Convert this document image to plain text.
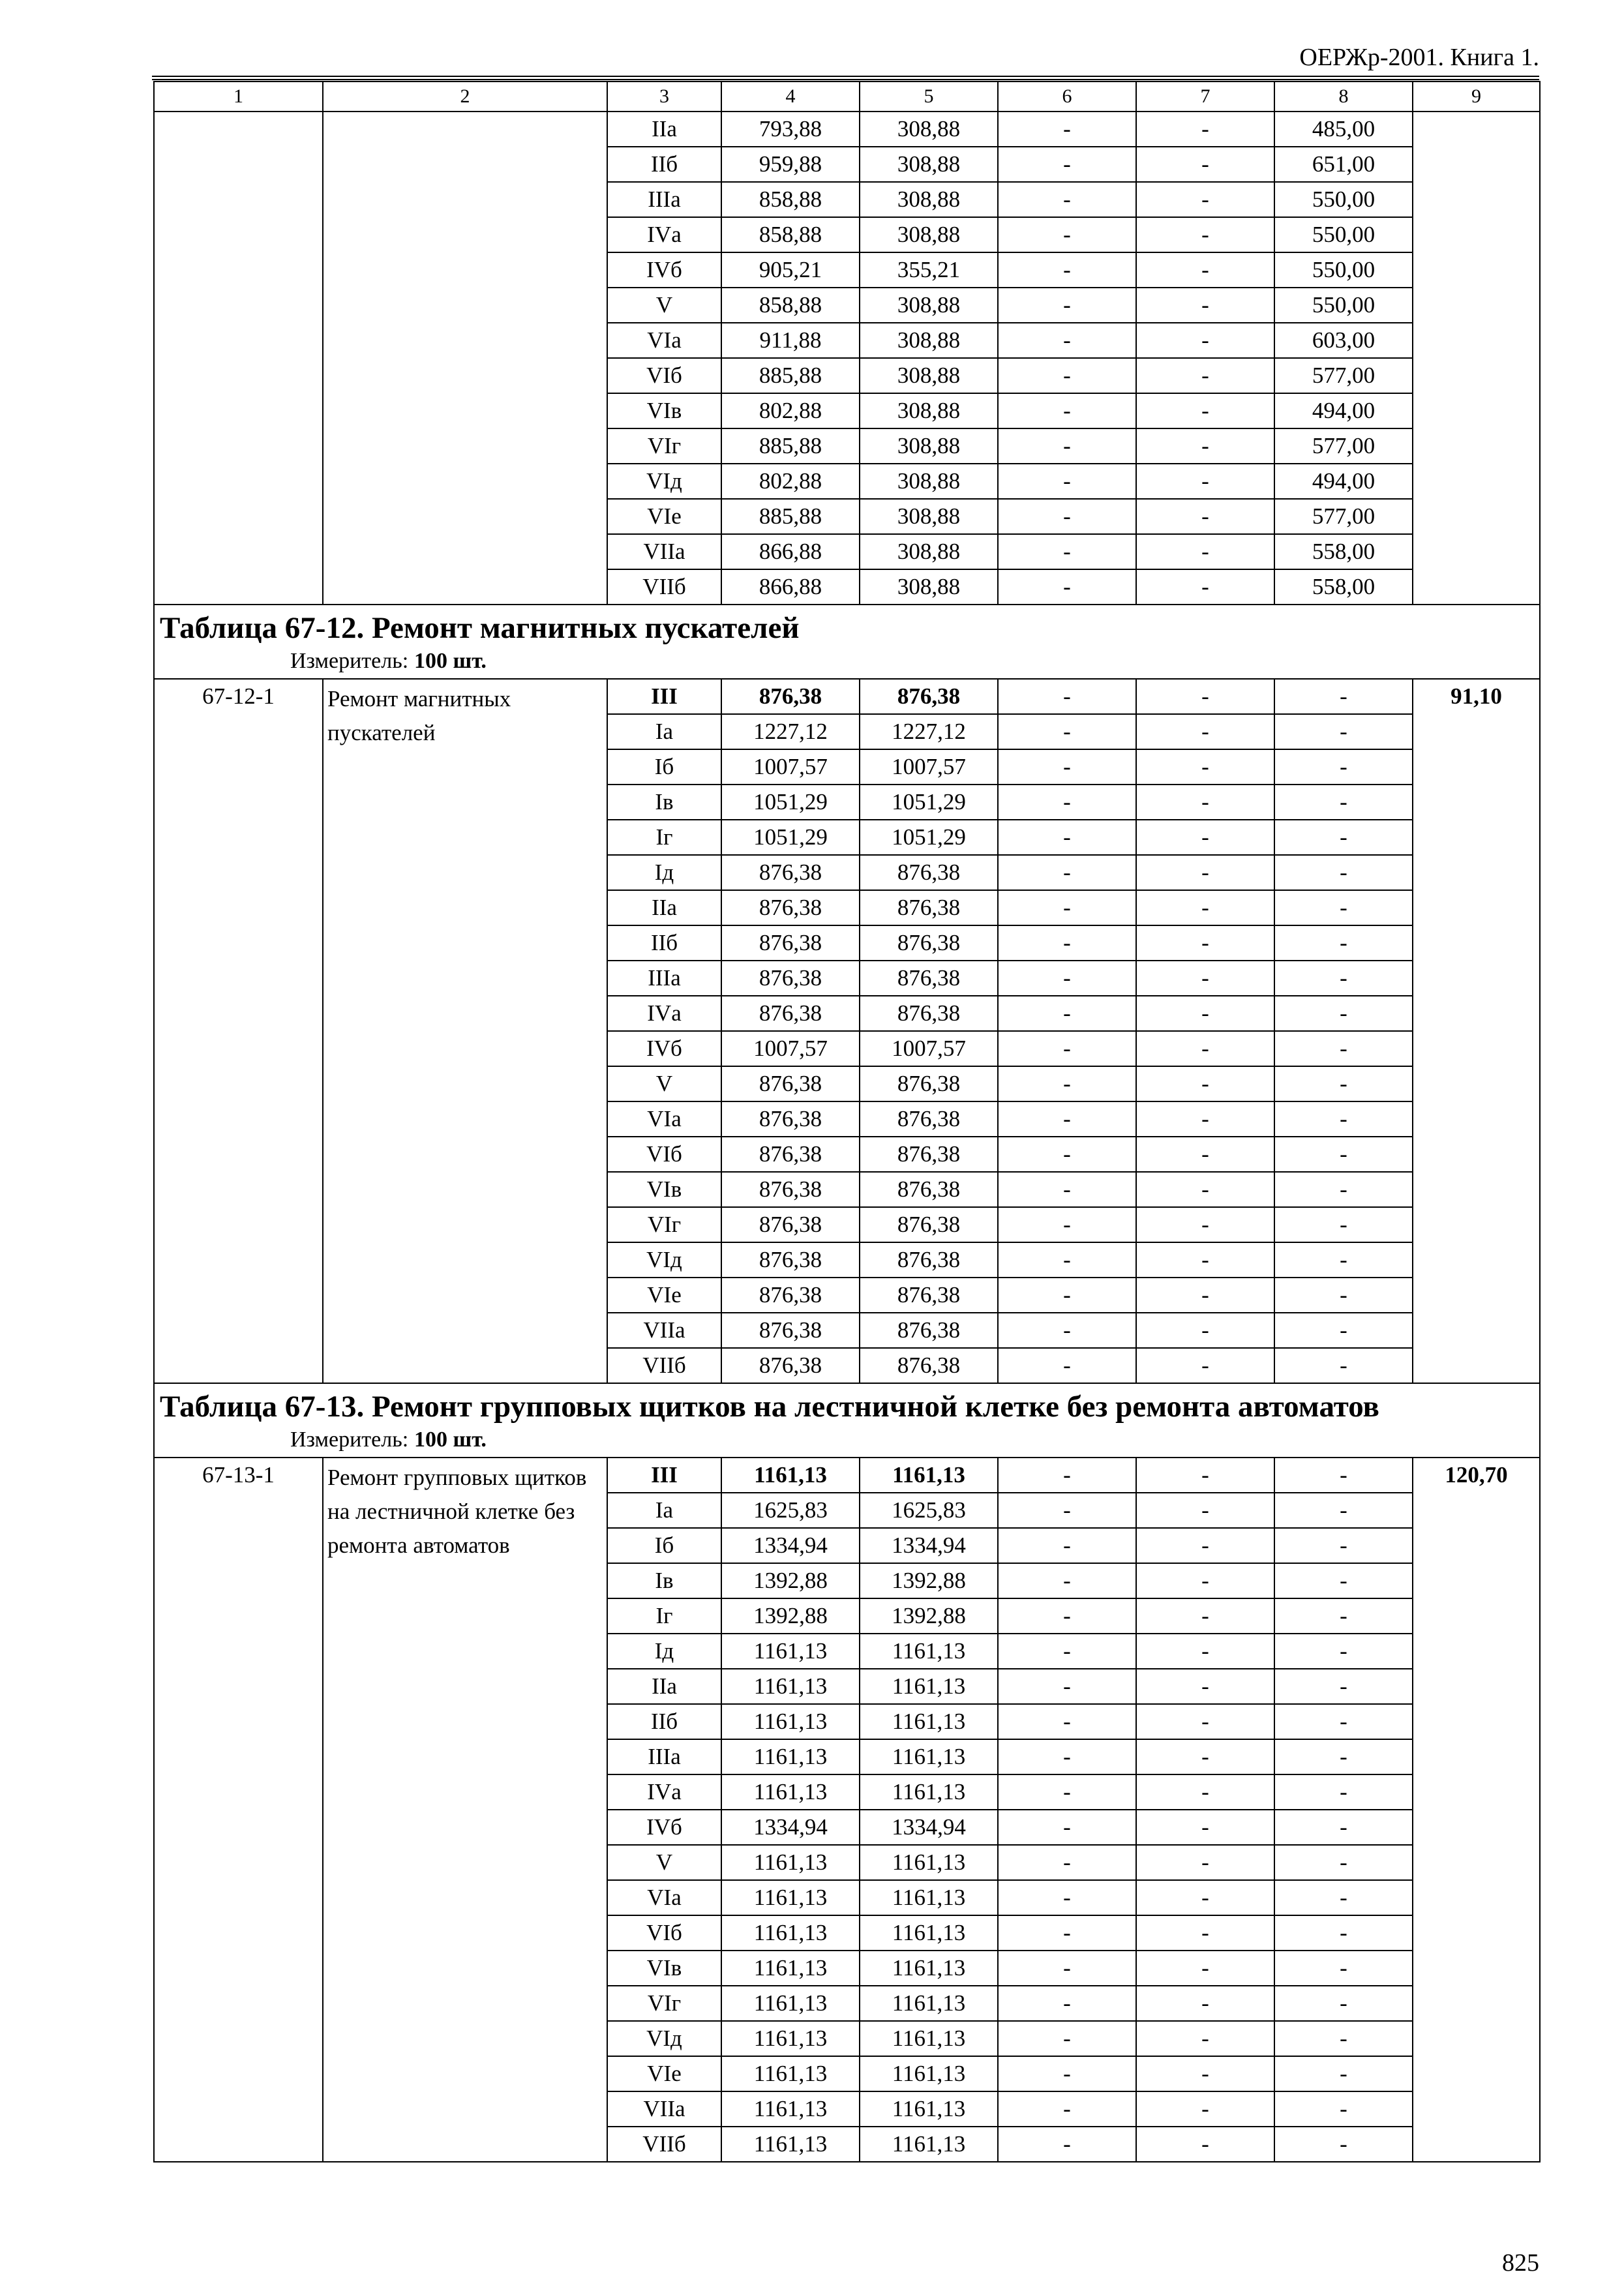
ОЕРЖр-2001. Книга 1.
1	2	3	4	5	6	7	8	9
		IIа	793,88	308,88	-	-	485,00	
		IIб	959,88	308,88	-	-	651,00	
		IIIа	858,88	308,88	-	-	550,00	
		IVа	858,88	308,88	-	-	550,00	
		IVб	905,21	355,21	-	-	550,00	
		V	858,88	308,88	-	-	550,00	
		VIа	911,88	308,88	-	-	603,00	
		VIб	885,88	308,88	-	-	577,00	
		VIв	802,88	308,88	-	-	494,00	
		VIг	885,88	308,88	-	-	577,00	
		VIд	802,88	308,88	-	-	494,00	
		VIе	885,88	308,88	-	-	577,00	
		VIIа	866,88	308,88	-	-	558,00	
		VIIб	866,88	308,88	-	-	558,00	

Таблица 67-12. Ремонт магнитных пускателей
Измеритель: 100 шт.								

67-12-1	Ремонт магнитных пускателей	III	876,38	876,38	-	-	-	91,10
		Iа	1227,12	1227,12	-	-	-	
		Iб	1007,57	1007,57	-	-	-	
		Iв	1051,29	1051,29	-	-	-	
		Iг	1051,29	1051,29	-	-	-	
		Iд	876,38	876,38	-	-	-	
		IIа	876,38	876,38	-	-	-	
		IIб	876,38	876,38	-	-	-	
		IIIа	876,38	876,38	-	-	-	
		IVа	876,38	876,38	-	-	-	
		IVб	1007,57	1007,57	-	-	-	
		V	876,38	876,38	-	-	-	
		VIа	876,38	876,38	-	-	-	
		VIб	876,38	876,38	-	-	-	
		VIв	876,38	876,38	-	-	-	
		VIг	876,38	876,38	-	-	-	
		VIд	876,38	876,38	-	-	-	
		VIе	876,38	876,38	-	-	-	
		VIIа	876,38	876,38	-	-	-	
		VIIб	876,38	876,38	-	-	-	

Таблица 67-13. Ремонт групповых щитков на лестничной клетке без ремонта автоматов
Измеритель: 100 шт.								

67-13-1	Ремонт групповых щитков на лестничной клетке без ремонта автоматов	III	1161,13	1161,13	-	-	-	120,70
		Iа	1625,83	1625,83	-	-	-	
		Iб	1334,94	1334,94	-	-	-	
		Iв	1392,88	1392,88	-	-	-	
		Iг	1392,88	1392,88	-	-	-	
		Iд	1161,13	1161,13	-	-	-	
		IIа	1161,13	1161,13	-	-	-	
		IIб	1161,13	1161,13	-	-	-	
		IIIа	1161,13	1161,13	-	-	-	
		IVа	1161,13	1161,13	-	-	-	
		IVб	1334,94	1334,94	-	-	-	
		V	1161,13	1161,13	-	-	-	
		VIа	1161,13	1161,13	-	-	-	
		VIб	1161,13	1161,13	-	-	-	
		VIв	1161,13	1161,13	-	-	-	
		VIг	1161,13	1161,13	-	-	-	
		VIд	1161,13	1161,13	-	-	-	
		VIе	1161,13	1161,13	-	-	-	
		VIIа	1161,13	1161,13	-	-	-	
		VIIб	1161,13	1161,13	-	-	-	
825
